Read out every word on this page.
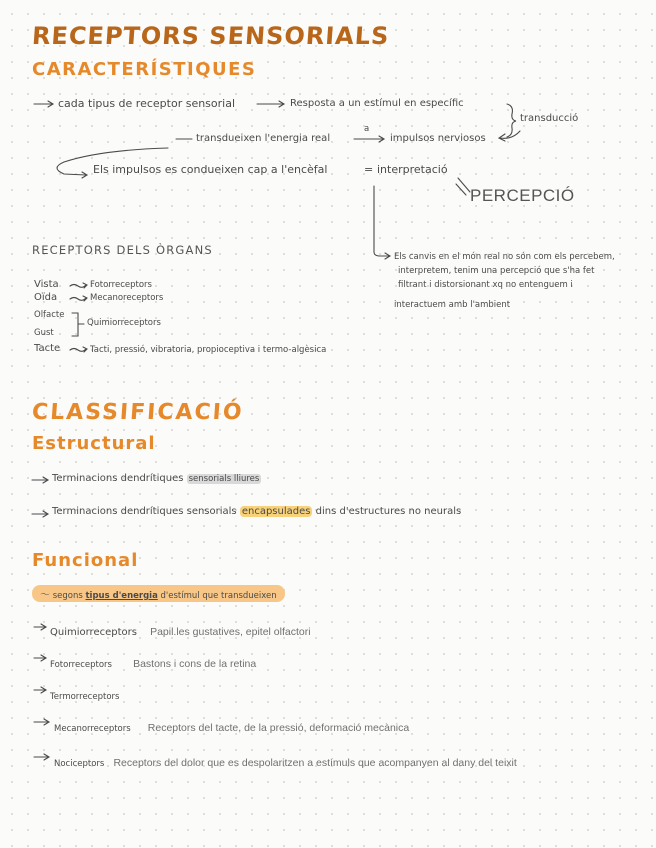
RECEPTORS SENSORIALS
CARACTERÍSTIQUES
cada tipus de receptor sensorial	Resposta a un estímul en específic
transducció
transdueixen l'energia real
a
impulsos nerviosos
Els impulsos es condueixen cap a l'encèfal	= interpretació
PERCEPCIÓ
Els canvis en el món real no són com els percebem,
interpretem, tenim una percepció que s'ha fet
filtrant i distorsionant xq no entenguem i
interactuem amb l'ambient
RECEPTORS DELS ÒRGANS
Vista	Fotorreceptors
Oïda	Mecanoreceptors
Olfacte
Gust
Quimiorreceptors
Tacte	Tacti, pressió, vibratoria, propioceptiva i termo-algèsica
CLASSIFICACIÓ
Estructural
Terminacions dendrítiques sensorials lliures
Terminacions dendrítiques sensorials encapsulades dins d'estructures no neurals
Funcional
〜 segons tipus d'energia d'estímul que transdueixen
Quimiorreceptors Papil.les gustatives, epitel olfactori
Fotorreceptors Bastons i cons de la retina
Termorreceptors
Mecanorreceptors Receptors del tacte, de la pressió, deformació mecànica
Nociceptors Receptors del dolor que es despolaritzen a estímuls que acompanyen al dany del teixit
